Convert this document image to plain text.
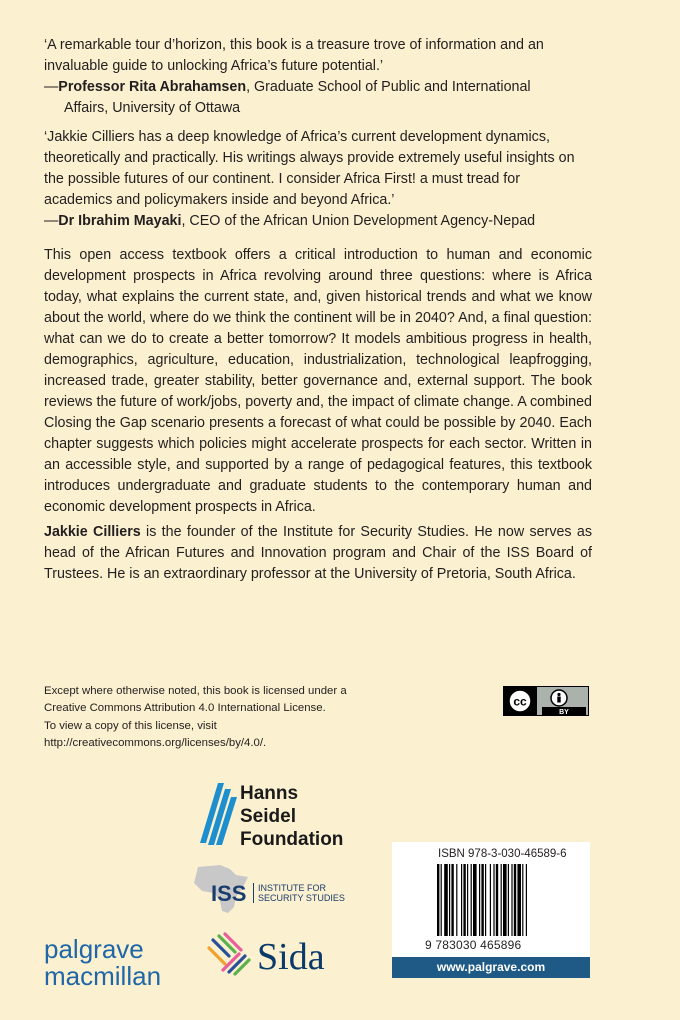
‘A remarkable tour d’horizon, this book is a treasure trove of information and an invaluable guide to unlocking Africa’s future potential.’
—Professor Rita Abrahamsen, Graduate School of Public and International
Affairs, University of Ottawa
‘Jakkie Cilliers has a deep knowledge of Africa’s current development dynamics, theoretically and practically. His writings always provide extremely useful insights on the possible futures of our continent. I consider Africa First! a must tread for academics and policymakers inside and beyond Africa.’
—Dr Ibrahim Mayaki, CEO of the African Union Development Agency-Nepad
This open access textbook offers a critical introduction to human and economic development prospects in Africa revolving around three questions: where is Africa today, what explains the current state, and, given historical trends and what we know about the world, where do we think the continent will be in 2040? And, a final question: what can we do to create a better tomorrow? It models ambitious progress in health, demographics, agriculture, education, industrialization, technological leapfrogging, increased trade, greater stability, better governance and, external support. The book reviews the future of work/jobs, poverty and, the impact of climate change. A combined Closing the Gap scenario presents a forecast of what could be possible by 2040. Each chapter suggests which policies might accelerate prospects for each sector. Written in an accessible style, and supported by a range of pedagogical features, this textbook introduces undergraduate and graduate students to the contemporary human and economic development prospects in Africa.
Jakkie Cilliers is the founder of the Institute for Security Studies. He now serves as head of the African Futures and Innovation program and Chair of the ISS Board of Trustees. He is an extraordinary professor at the University of Pretoria, South Africa.
Except where otherwise noted, this book is licensed under a
Creative Commons Attribution 4.0 International License.
To view a copy of this license, visit
http://creativecommons.org/licenses/by/4.0/.
cc
BY
Hanns
Seidel
Foundation
ISS INSTITUTE FOR
SECURITY STUDIES
Sida
palgrave
macmillan
ISBN 978-3-030-46589-6
9 783030 465896
www.palgrave.com
